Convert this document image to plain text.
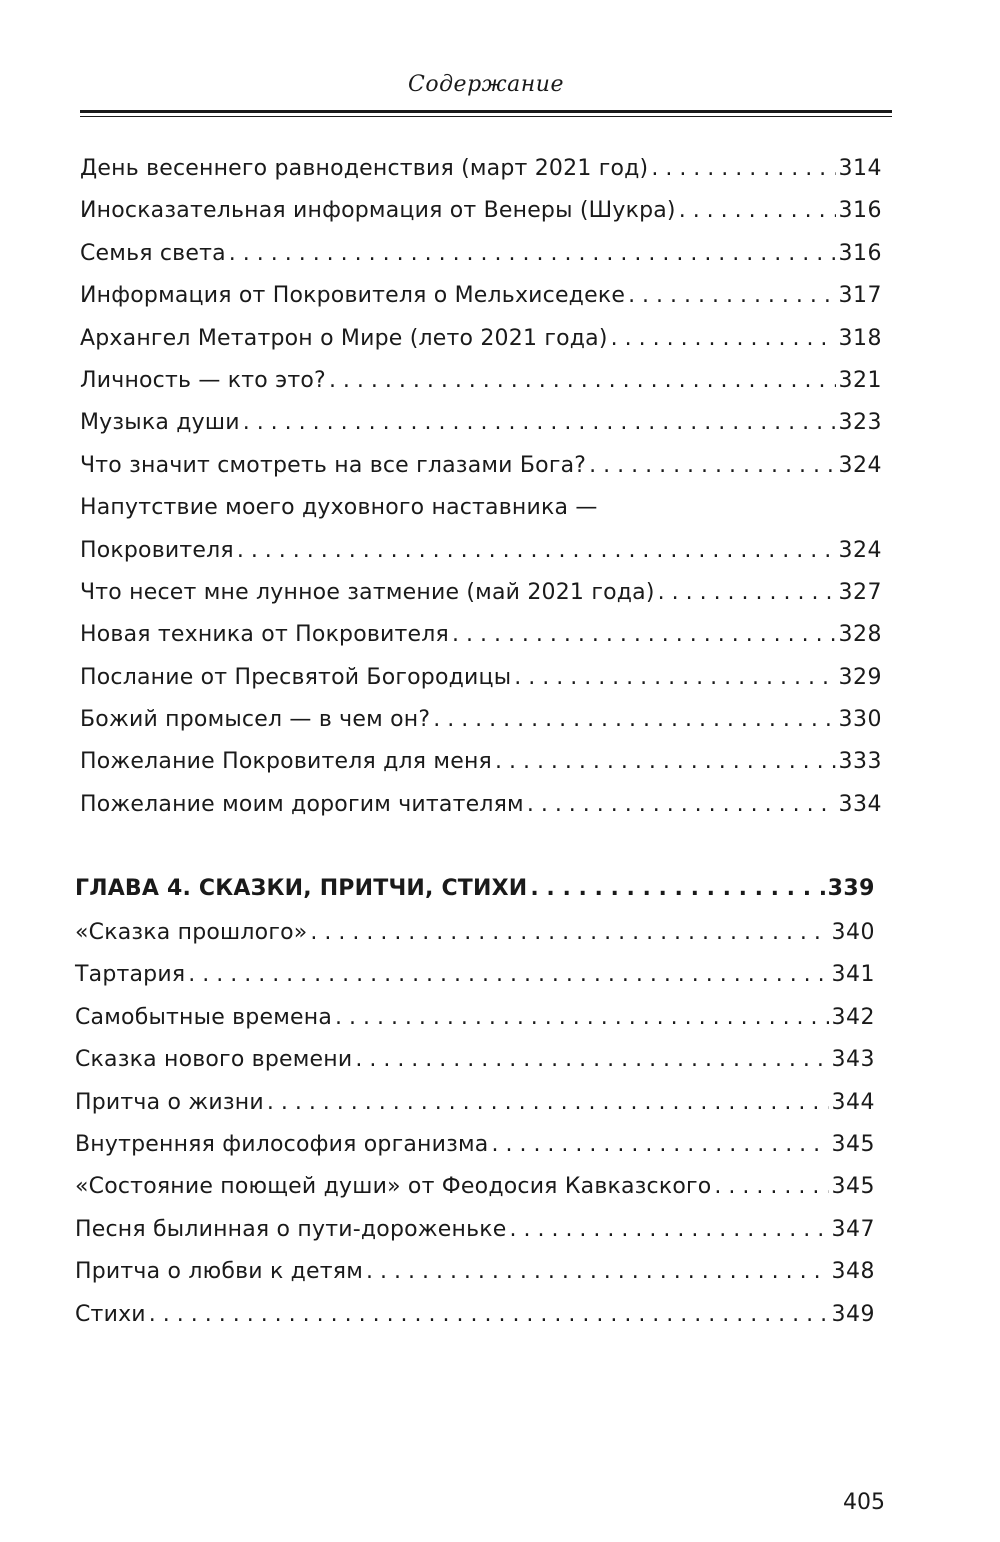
Содержание
День весеннего равноденствия (март 2021 год) . . .	314
Иносказательная информация от Венеры (Шукра) . . .	316
Семья света . . .	316
Информация от Покровителя о Мельхиседеке . . .	317
Архангел Метатрон о Мире (лето 2021 года) . . .	318
Личность — кто это? . . .	321
Музыка души . . .	323
Что значит смотреть на все глазами Бога? . . .	324
Напутствие моего духовного наставника —
Покровителя . . .	324
Что несет мне лунное затмение (май 2021 года) . . .	327
Новая техника от Покровителя . . .	328
Послание от Пресвятой Богородицы . . .	329
Божий промысел — в чем он? . . .	330
Пожелание Покровителя для меня . . .	333
Пожелание моим дорогим читателям . . .	334
ГЛАВА 4. СКАЗКИ, ПРИТЧИ, СТИХИ . . .	339
«Сказка прошлого» . . .	340
Тартария . . .	341
Самобытные времена . . .	342
Сказка нового времени . . .	343
Притча о жизни . . .	344
Внутренняя философия организма . . .	345
«Состояние поющей души» от Феодосия Кавказского . . .	345
Песня былинная о пути-дороженьке . . .	347
Притча о любви к детям . . .	348
Стихи . . .	349
405
